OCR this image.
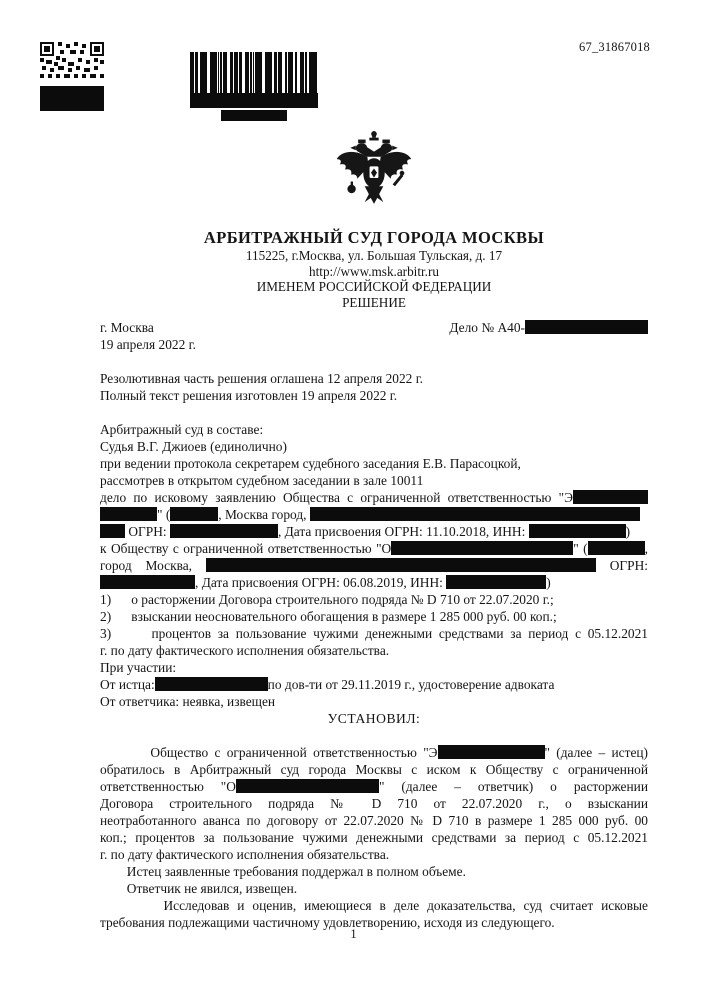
67_31867018
АРБИТРАЖНЫЙ СУД ГОРОДА МОСКВЫ
115225, г.Москва, ул. Большая Тульская, д. 17
http://www.msk.arbitr.ru
ИМЕНЕМ РОССИЙСКОЙ ФЕДЕРАЦИИ
РЕШЕНИЕ
г. Москва	Дело № А40-
19 апреля 2022 г.
Резолютивная часть решения оглашена 12 апреля 2022 г.
Полный текст решения изготовлен 19 апреля 2022 г.
Арбитражный суд в составе:
Судья В.Г. Джиоев (единолично)
при ведении протокола секретарем судебного заседания Е.В. Парасоцкой,
рассмотрев в открытом судебном заседании в зале 10011
дело по исковому заявлению Общества с ограниченной ответственностью "Э
" (	, Москва город,
ОГРН:	, Дата присвоения ОГРН: 11.10.2018, ИНН:	)
к Обществу с ограниченной ответственностью "О	" (	,
город Москва,	ОГРН:
, Дата присвоения ОГРН: 06.08.2019, ИНН:	)
1)      о расторжении Договора строительного подряда № D 710 от 22.07.2020 г.;
2)      взыскании неосновательного обогащения в размере 1 285 000 руб. 00 коп.;
3)      процентов за пользование чужими денежными средствами за период с 05.12.2021
г. по дату фактического исполнения обязательства.
При участии:
От истца:	по дов-ти от 29.11.2019 г., удостоверение адвоката
От ответчика: неявка, извещен
УСТАНОВИЛ:
Общество с ограниченной ответственностью "Э	" (далее – истец)
обратилось в Арбитражный суд города Москвы с иском к Обществу с ограниченной
ответственностью "О	" (далее – ответчик) о расторжении
Договора строительного подряда № D 710 от 22.07.2020 г., о взыскании
неотработанного аванса по договору от 22.07.2020 № D 710 в размере 1 285 000 руб. 00
коп.; процентов за пользование чужими денежными средствами за период с 05.12.2021
г. по дату фактического исполнения обязательства.
Истец заявленные требования поддержал в полном объеме.
Ответчик не явился, извещен.
Исследовав и оценив, имеющиеся в деле доказательства, суд считает исковые
требования подлежащими частичному удовлетворению, исходя из следующего.
1
